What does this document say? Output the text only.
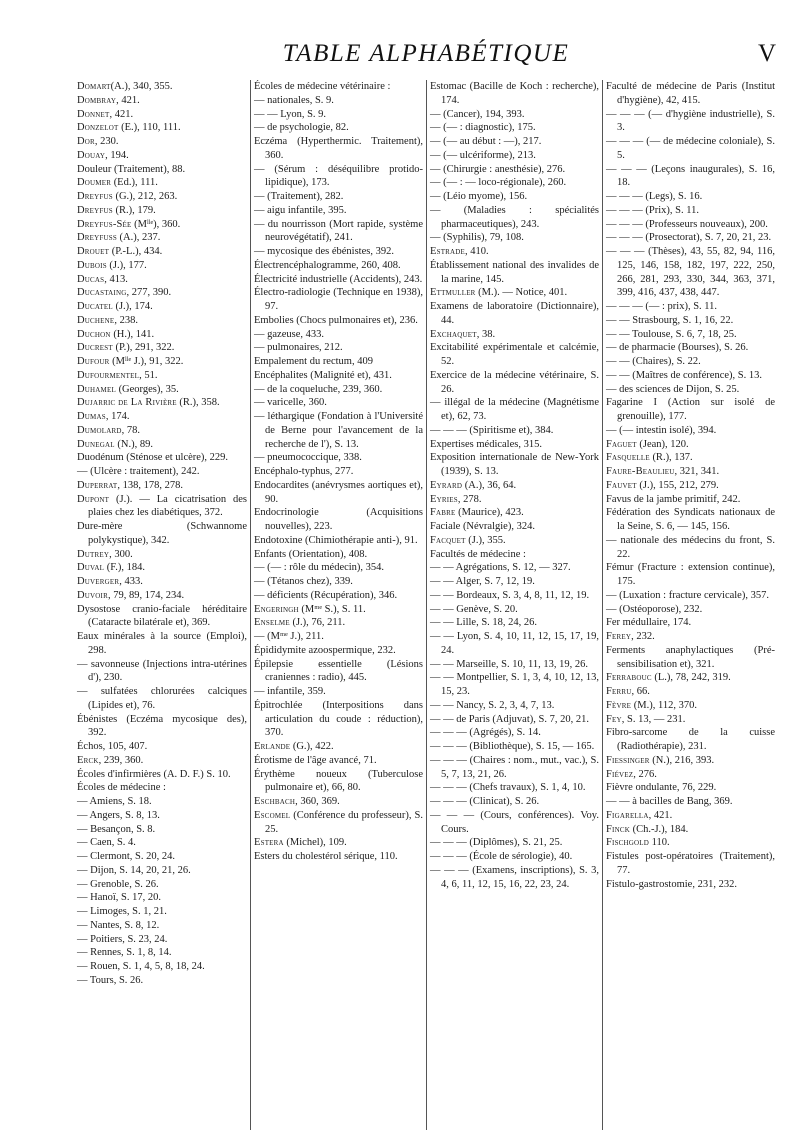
TABLE ALPHABÉTIQUE	V
Domart(A.), 340, 355.
Dombray, 421.
Donnet, 421.
Donzelot (E.), 110, 111.
Dor, 230.
Douay, 194.
Douleur (Traitement), 88.
Doumer (Ed.), 111.
Dreyfus (G.), 212, 263.
Dreyfus (R.), 179.
Dreyfus-Sée (Mˡˡᵉ), 360.
Dreyfuss (A.), 237.
Drouet (P.-L.), 434.
Dubois (J.), 177.
Ducas, 413.
Ducastaing, 277, 390.
Ducatel (J.), 174.
Duchene, 238.
Duchon (H.), 141.
Ducrest (P.), 291, 322.
Dufour (Mˡˡᵉ J.), 91, 322.
Dufourmentel, 51.
Duhamel (Georges), 35.
Dujarric de La Rivière (R.), 358.
Dumas, 174.
Dumolard, 78.
Dunegal (N.), 89.
Duodénum (Sténose et ulcère), 229.
— (Ulcère : traitement), 242.
Duperrat, 138, 178, 278.
Dupont (J.). — La cicatrisation des plaies chez les diabétiques, 372.
Dure-mère (Schwannome polykystique), 342.
Dutrey, 300.
Duval (F.), 184.
Duverger, 433.
Duvoir, 79, 89, 174, 234.
Dysostose cranio-faciale héréditaire (Cataracte bilatérale et), 369.
Eaux minérales à la source (Emploi), 298.
— savonneuse (Injections intra-utérines d'), 230.
— sulfatées chlorurées calciques (Lipides et), 76.
Ébénistes (Eczéma mycosique des), 392.
Échos, 105, 407.
Erck, 239, 360.
Écoles d'infirmières (A. D. F.) S. 10.
Écoles de médecine :
— Amiens, S. 18.
— Angers, S. 8, 13.
— Besançon, S. 8.
— Caen, S. 4.
— Clermont, S. 20, 24.
— Dijon, S. 14, 20, 21, 26.
— Grenoble, S. 26.
— Hanoï, S. 17, 20.
— Limoges, S. 1, 21.
— Nantes, S. 8, 12.
— Poitiers, S. 23, 24.
— Rennes, S. 1, 8, 14.
— Rouen, S. 1, 4, 5, 8, 18, 24.
— Tours, S. 26.
Écoles de médecine vétérinaire :
— nationales, S. 9.
— — Lyon, S. 9.
— de psychologie, 82.
Eczéma (Hyperthermic. Traitement), 360.
— (Sérum : déséquilibre protido-lipidique), 173.
— (Traitement), 282.
— aigu infantile, 395.
— du nourrisson (Mort rapide, système neurovégétatif), 241.
— mycosique des ébénistes, 392.
Électrencéphalogramme, 260, 408.
Électricité industrielle (Accidents), 243.
Électro-radiologie (Technique en 1938), 97.
Embolies (Chocs pulmonaires et), 236.
— gazeuse, 433.
— pulmonaires, 212.
Empalement du rectum, 409
Encéphalites (Malignité et), 431.
— de la coqueluche, 239, 360.
— varicelle, 360.
— léthargique (Fondation à l'Université de Berne pour l'avancement de la recherche de l'), S. 13.
— pneumococcique, 338.
Encéphalo-typhus, 277.
Endocardites (anévrysmes aortiques et), 90.
Endocrinologie (Acquisitions nouvelles), 223.
Endotoxine (Chimiothérapie anti-), 91.
Enfants (Orientation), 408.
— (— : rôle du médecin), 354.
— (Tétanos chez), 339.
— déficients (Récupération), 346.
Engeringh (Mᵐᵉ S.), S. 11.
Enselme (J.), 76, 211.
— (Mᵐᵉ J.), 211.
Épididymite azoospermique, 232.
Épilepsie essentielle (Lésions craniennes : radio), 445.
— infantile, 359.
Épitrochlée (Interpositions dans articulation du coude : réduction), 370.
Erlande (G.), 422.
Érotisme de l'âge avancé, 71.
Érythème noueux (Tuberculose pulmonaire et), 66, 80.
Eschbach, 360, 369.
Escomel (Conférence du professeur), S. 25.
Estera (Michel), 109.
Esters du cholestérol sérique, 110.
Estomac (Bacille de Koch : recherche), 174.
— (Cancer), 194, 393.
— (— : diagnostic), 175.
— (— au début : —), 217.
— (— ulcériforme), 213.
— (Chirurgie : anesthésie), 276.
— (— : — loco-régionale), 260.
— (Léio myome), 156.
— (Maladies : spécialités pharmaceutiques), 243.
— (Syphilis), 79, 108.
Estrade, 410.
Établissement national des invalides de la marine, 145.
Ettmuller (M.). — Notice, 401.
Examens de laboratoire (Dictionnaire), 44.
Exchaquet, 38.
Excitabilité expérimentale et calcémie, 52.
Exercice de la médecine vétérinaire, S. 26.
— illégal de la médecine (Magnétisme et), 62, 73.
— — — (Spiritisme et), 384.
Expertises médicales, 315.
Exposition internationale de New-York (1939), S. 13.
Eyrard (A.), 36, 64.
Eyries, 278.
Fabre (Maurice), 423.
Faciale (Névralgie), 324.
Facquet (J.), 355.
Facultés de médecine :
— — Agrégations, S. 12, — 327.
— — Alger, S. 7, 12, 19.
— — Bordeaux, S. 3, 4, 8, 11, 12, 19.
— — Genève, S. 20.
— — Lille, S. 18, 24, 26.
— — Lyon, S. 4, 10, 11, 12, 15, 17, 19, 24.
— — Marseille, S. 10, 11, 13, 19, 26.
— — Montpellier, S. 1, 3, 4, 10, 12, 13, 15, 23.
— — Nancy, S. 2, 3, 4, 7, 13.
— — de Paris (Adjuvat), S. 7, 20, 21.
— — — (Agrégés), S. 14.
— — — (Bibliothèque), S. 15, — 165.
— — — (Chaires : nom., mut., vac.), S. 5, 7, 13, 21, 26.
— — — (Chefs travaux), S. 1, 4, 10.
— — — (Clinicat), S. 26.
— — — (Cours, conférences). Voy. Cours.
— — — (Diplômes), S. 21, 25.
— — — (École de sérologie), 40.
— — — (Examens, inscriptions), S. 3, 4, 6, 11, 12, 15, 16, 22, 23, 24.
Faculté de médecine de Paris (Institut d'hygiène), 42, 415.
— — — (— d'hygiène industrielle), S. 3.
— — — (— de médecine coloniale), S. 5.
— — — (Leçons inaugurales), S. 16, 18.
— — — (Legs), S. 16.
— — — (Prix), S. 11.
— — — (Professeurs nouveaux), 200.
— — — (Prosectorat), S. 7, 20, 21, 23.
— — — (Thèses), 43, 55, 82, 94, 116, 125, 146, 158, 182, 197, 222, 250, 266, 281, 293, 330, 344, 363, 371, 399, 416, 437, 438, 447.
— — — (— : prix), S. 11.
— — Strasbourg, S. 1, 16, 22.
— — Toulouse, S. 6, 7, 18, 25.
— de pharmacie (Bourses), S. 26.
— — (Chaires), S. 22.
— — (Maîtres de conférence), S. 13.
— des sciences de Dijon, S. 25.
Fagarine I (Action sur isolé de grenouille), 177.
— (— intestin isolé), 394.
Faguet (Jean), 120.
Fasquelle (R.), 137.
Faure-Beaulieu, 321, 341.
Fauvet (J.), 155, 212, 279.
Favus de la jambe primitif, 242.
Fédération des Syndicats nationaux de la Seine, S. 6, — 145, 156.
— nationale des médecins du front, S. 22.
Fémur (Fracture : extension continue), 175.
— (Luxation : fracture cervicale), 357.
— (Ostéoporose), 232.
Fer médullaire, 174.
Ferey, 232.
Ferments anaphylactiques (Pré-sensibilisation et), 321.
Ferrabouc (L.), 78, 242, 319.
Ferru, 66.
Fèvre (M.), 112, 370.
Fey, S. 13, — 231.
Fibro-sarcome de la cuisse (Radiothérapie), 231.
Fiessinger (N.), 216, 393.
Fiévez, 276.
Fièvre ondulante, 76, 229.
— — à bacilles de Bang, 369.
Figarella, 421.
Finck (Ch.-J.), 184.
Fischgold 110.
Fistules post-opératoires (Traitement), 77.
Fistulo-gastrostomie, 231, 232.
